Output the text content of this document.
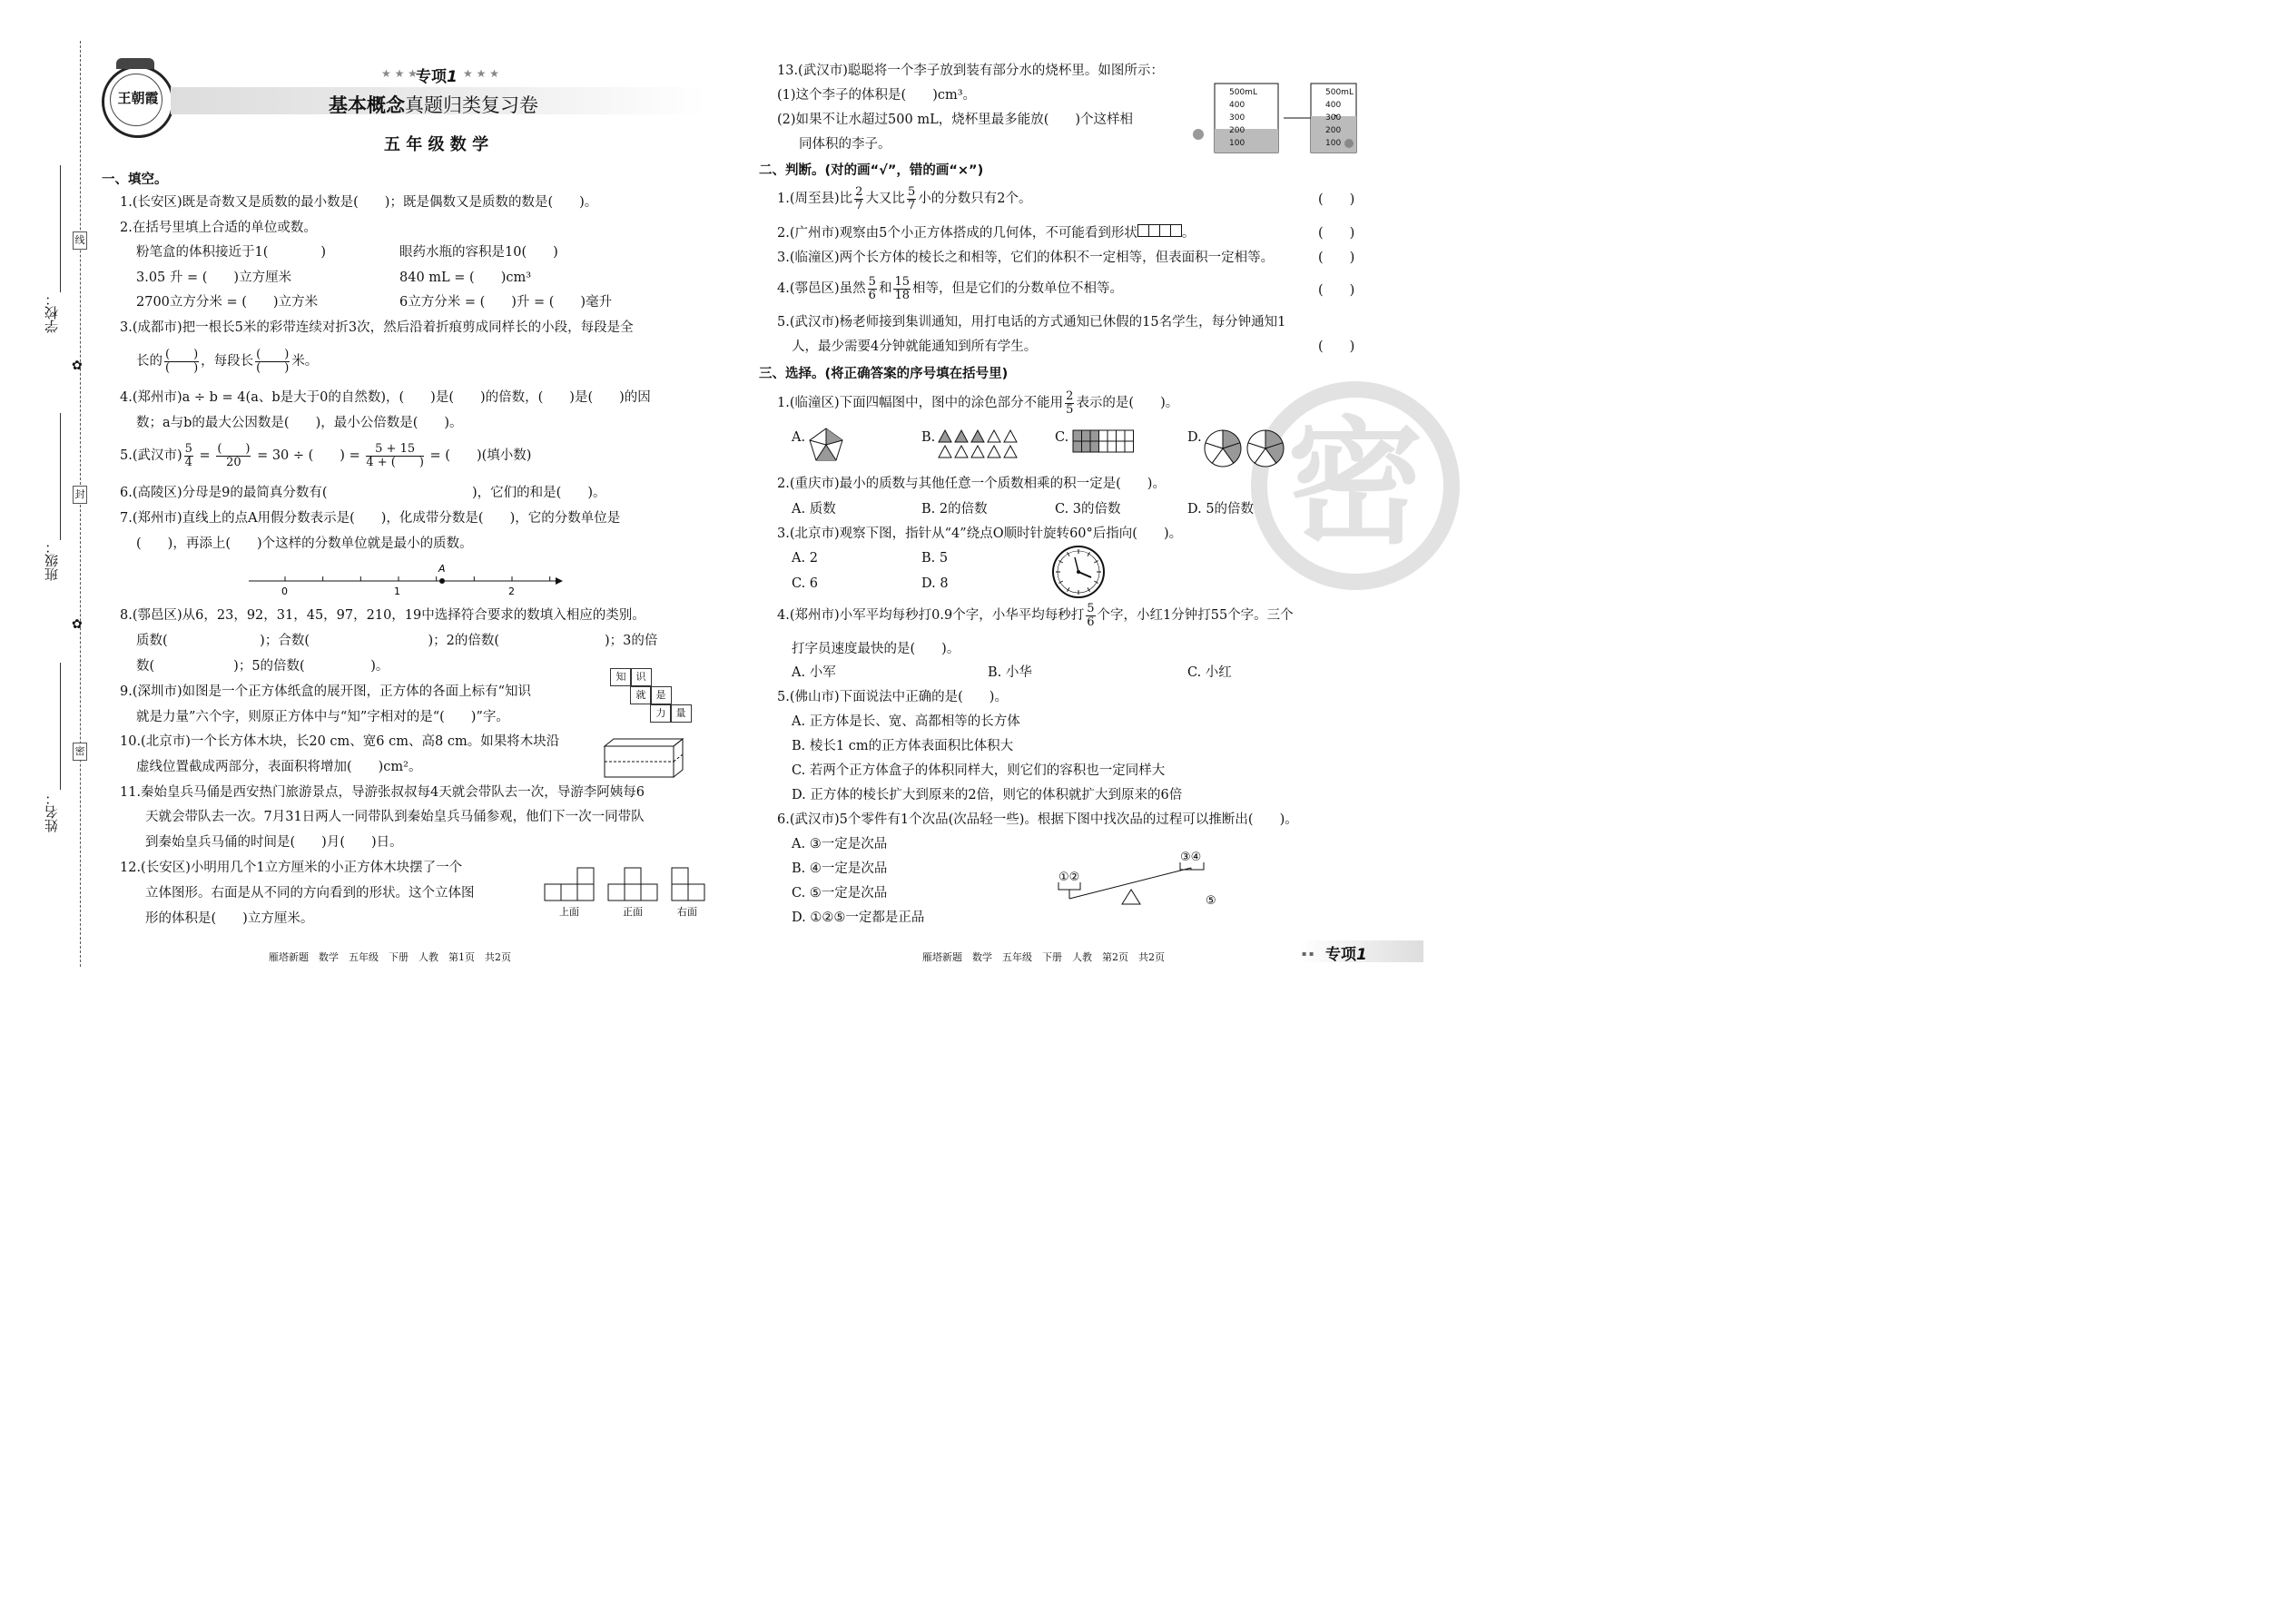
线
封
密
✿
✿
学校：
班级：
姓名：
王朝霞
★ ★ ★
专项1 ★ ★ ★
基本概念真题归类复习卷
五 年 级 数 学
一、填空。
1.(长安区)既是奇数又是质数的最小数是(　　)；既是偶数又是质数的数是(　　)。
2.在括号里填上合适的单位或数。
粉笔盒的体积接近于1(　　　　)	眼药水瓶的容积是10(　　)
3.05 升 = (　　)立方厘米	840 mL = (　　)cm³
2700立方分米 = (　　)立方米	6立方分米 = (　　)升 = (　　)毫升
3.(成都市)把一根长5米的彩带连续对折3次，然后沿着折痕剪成同样长的小段，每段是全
长的 $\frac{( )}{( )}$ ，每段长 $\frac{( )}{( )}$ 米。
4.(郑州市)a ÷ b = 4(a、b是大于0的自然数)，(　　)是(　　)的倍数，(　　)是(　　)的因
数；a与b的最大公因数是(　　)，最小公倍数是(　　)。
5.(武汉市) $\frac{5}{4} = \frac{( )}{20} = 30$ ÷ (　　) = $\frac{5 + 15}{4 + ( )}$ = (　　)(填小数)
6.(高陵区)分母是9的最简真分数有(　　　　　　　　　　　)，它们的和是(　　)。
7.(郑州市)直线上的点A用假分数表示是(　　)，化成带分数是(　　)，它的分数单位是
(　　)，再添上(　　)个这样的分数单位就是最小的质数。
A
0	1	2
8.(鄠邑区)从6，23，92，31，45，97，210，19中选择符合要求的数填入相应的类别。
质数(　　　　　　　)；合数(　　　　　　　　　)；2的倍数(　　　　　　　　)；3的倍
数(　　　　　　)；5的倍数(　　　　　)。
9.(深圳市)如图是一个正方体纸盒的展开图，正方体的各面上标有“知识
就是力量”六个字，则原正方体中与“知”字相对的是“(　　)”字。
知	识
就	是
力	量
10.(北京市)一个长方体木块，长20 cm、宽6 cm、高8 cm。如果将木块沿
虚线位置截成两部分，表面积将增加(　　)cm²。
11.秦始皇兵马俑是西安热门旅游景点，导游张叔叔每4天就会带队去一次，导游李阿姨每6
天就会带队去一次。7月31日两人一同带队到秦始皇兵马俑参观，他们下一次一同带队
到秦始皇兵马俑的时间是(　　)月(　　)日。
12.(长安区)小明用几个1立方厘米的小正方体木块摆了一个
立体图形。右面是从不同的方向看到的形状。这个立体图
形的体积是(　　)立方厘米。	上面	正面	右面
雁塔新题　数学　五年级　下册　人教　第1页　共2页
13.(武汉市)聪聪将一个李子放到装有部分水的烧杯里。如图所示：
(1)这个李子的体积是(　　)cm³。
(2)如果不让水超过500 mL，烧杯里最多能放(　　)个这样相
同体积的李子。
500mL
400
300
200
100
500mL
400
300
200
100
密
二、判断。(对的画“√”，错的画“×”)
1.(周至县)比 $\frac{2}{7}$ 大又比 $\frac{5}{7}$ 小的分数只有2个。	(　　)
2.(广州市)观察由5个小正方体搭成的几何体，不可能看到形状	。	(　　)
3.(临潼区)两个长方体的棱长之和相等，它们的体积不一定相等，但表面积一定相等。	(　　)
4.(鄠邑区)虽然 $\frac{5}{6}$ 和 $\frac{15}{18}$ 相等，但是它们的分数单位不相等。	(　　)
5.(武汉市)杨老师接到集训通知，用打电话的方式通知已休假的15名学生，每分钟通知1
人，最少需要4分钟就能通知到所有学生。	(　　)
三、选择。(将正确答案的序号填在括号里)
1.(临潼区)下面四幅图中，图中的涂色部分不能用 $\frac{2}{5}$ 表示的是(　　)。
A.	B.	C.	D.
2.(重庆市)最小的质数与其他任意一个质数相乘的积一定是(　　)。
A. 质数	B. 2的倍数	C. 3的倍数	D. 5的倍数
3.(北京市)观察下图，指针从“4”绕点O顺时针旋转60°后指向(　　)。
A. 2	B. 5
C. 6	D. 8
4.(郑州市)小军平均每秒打0.9个字，小华平均每秒打 $\frac{5}{6}$ 个字，小红1分钟打55个字。三个
打字员速度最快的是(　　)。
A. 小军	B. 小华	C. 小红
5.(佛山市)下面说法中正确的是(　　)。
A. 正方体是长、宽、高都相等的长方体
B. 棱长1 cm的正方体表面积比体积大
C. 若两个正方体盒子的体积同样大，则它们的容积也一定同样大
D. 正方体的棱长扩大到原来的2倍，则它的体积就扩大到原来的6倍
6.(武汉市)5个零件有1个次品(次品轻一些)。根据下图中找次品的过程可以推断出(　　)。
A. ③一定是次品
B. ④一定是次品
C. ⑤一定是次品
D. ①②⑤一定都是正品
①②
③④
⑤
雁塔新题　数学　五年级　下册　人教　第2页　共2页	▪ ▪ 专项1
